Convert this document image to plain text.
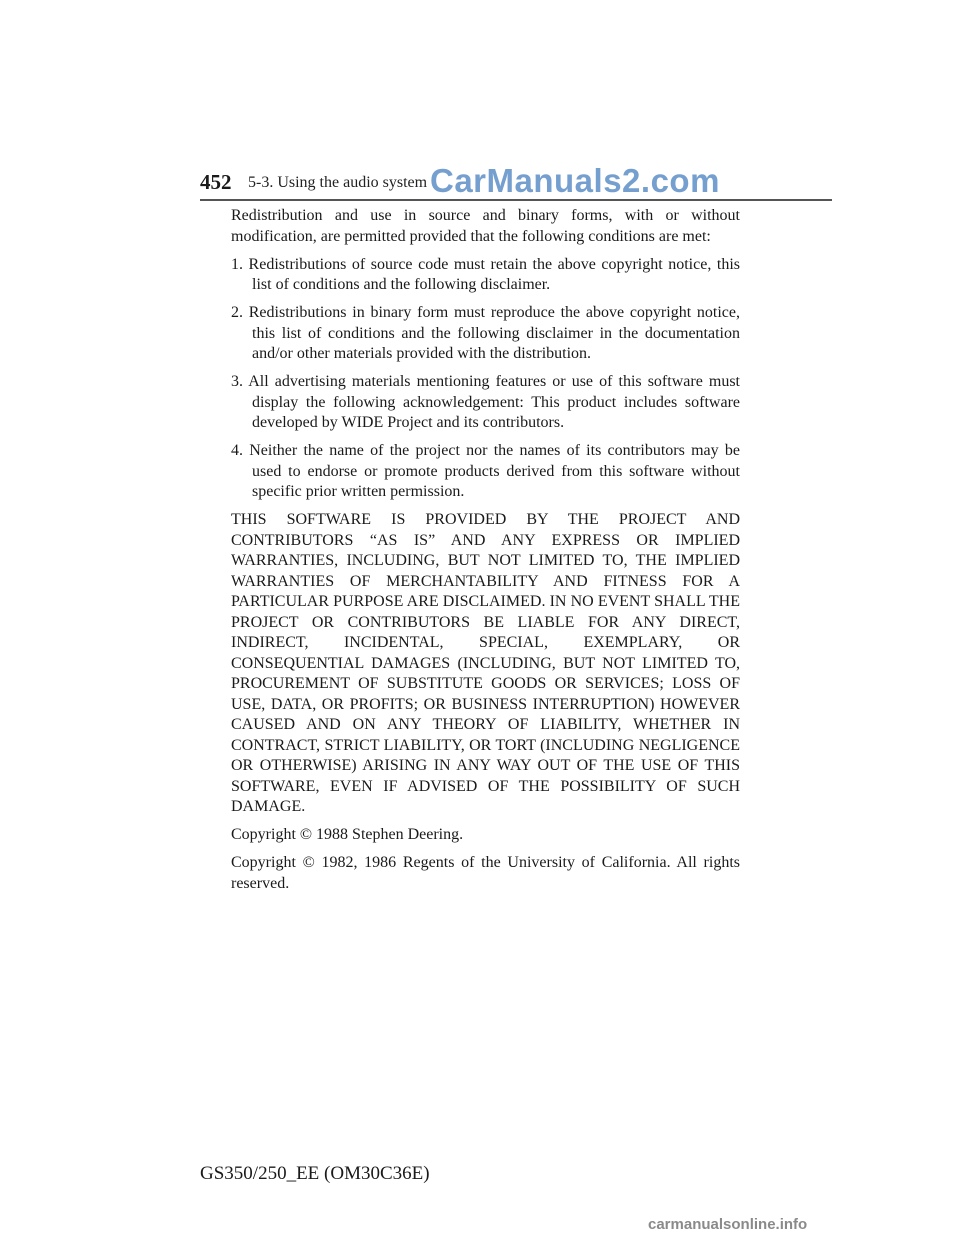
452 5-3. Using the audio system CarManuals2.com

Redistribution and use in source and binary forms, with or without modification, are permitted provided that the following conditions are met:

1. Redistributions of source code must retain the above copyright notice, this list of conditions and the following disclaimer.
2. Redistributions in binary form must reproduce the above copyright notice, this list of conditions and the following disclaimer in the documentation and/or other materials provided with the distribution.
3. All advertising materials mentioning features or use of this software must display the following acknowledgement: This product includes software developed by WIDE Project and its contributors.
4. Neither the name of the project nor the names of its contributors may be used to endorse or promote products derived from this software without specific prior written permission.

THIS SOFTWARE IS PROVIDED BY THE PROJECT AND CONTRIBUTORS “AS IS” AND ANY EXPRESS OR IMPLIED WARRANTIES, INCLUDING, BUT NOT LIMITED TO, THE IMPLIED WARRANTIES OF MERCHANTABILITY AND FITNESS FOR A PARTICULAR PURPOSE ARE DISCLAIMED. IN NO EVENT SHALL THE PROJECT OR CONTRIBUTORS BE LIABLE FOR ANY DIRECT, INDIRECT, INCIDENTAL, SPECIAL, EXEMPLARY, OR CONSEQUENTIAL DAMAGES (INCLUDING, BUT NOT LIMITED TO, PROCUREMENT OF SUBSTITUTE GOODS OR SERVICES; LOSS OF USE, DATA, OR PROFITS; OR BUSINESS INTERRUPTION) HOWEVER CAUSED AND ON ANY THEORY OF LIABILITY, WHETHER IN CONTRACT, STRICT LIABILITY, OR TORT (INCLUDING NEGLIGENCE OR OTHERWISE) ARISING IN ANY WAY OUT OF THE USE OF THIS SOFTWARE, EVEN IF ADVISED OF THE POSSIBILITY OF SUCH DAMAGE.

Copyright © 1988 Stephen Deering.

Copyright © 1982, 1986 Regents of the University of California. All rights reserved.

GS350/250_EE (OM30C36E)
carmanualsonline.info
